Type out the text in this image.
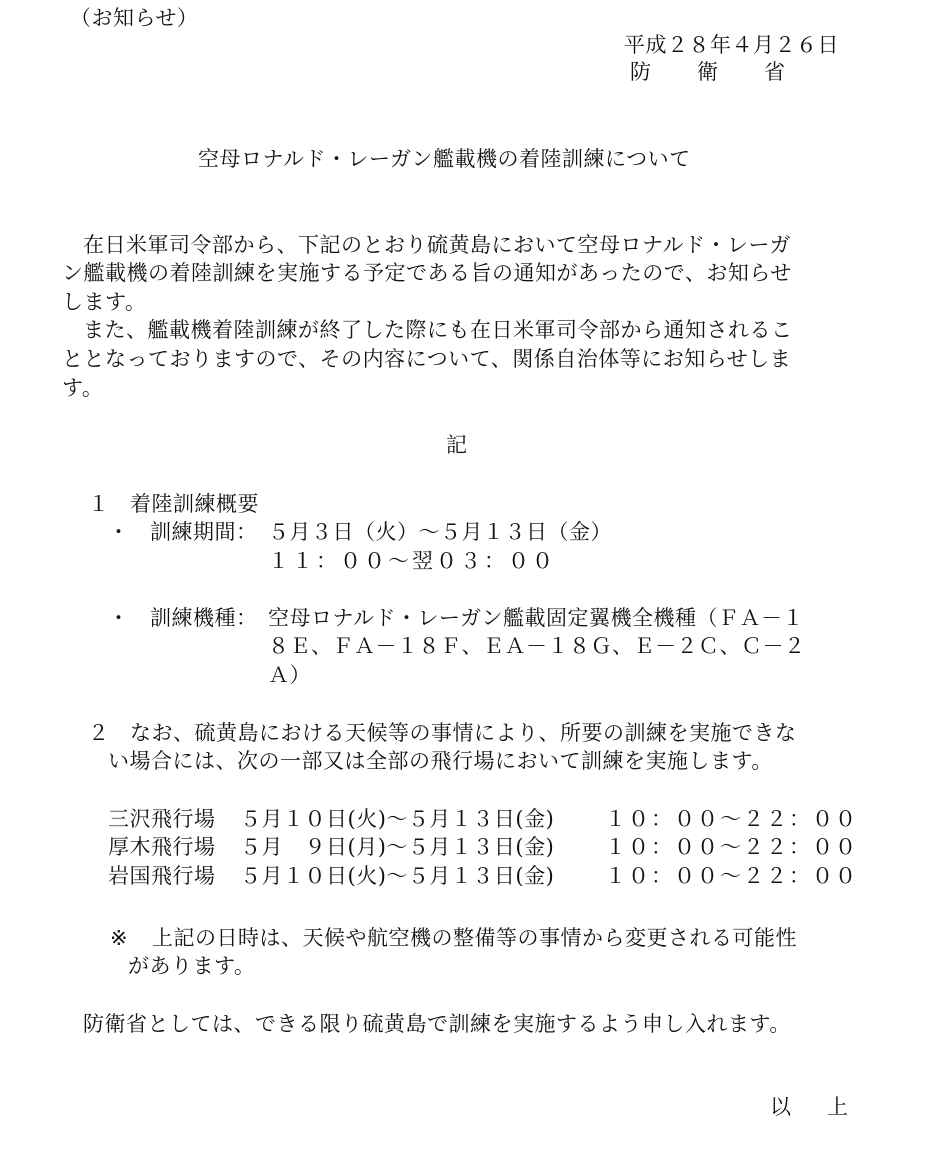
（お知らせ）
平成２８年４月２６日
防衛省
空母ロナルド・レーガン艦載機の着陸訓練について
在日米軍司令部から、下記のとおり硫黄島において空母ロナルド・レーガ
ン艦載機の着陸訓練を実施する予定である旨の通知があったので、お知らせ
します。
また、艦載機着陸訓練が終了した際にも在日米軍司令部から通知されるこ
ととなっておりますので、その内容について、関係自治体等にお知らせしま
す。
記
１ 着陸訓練概要
・ 訓練期間： ５月３日（火）～５月１３日（金）
１１：００～翌０３：００
・ 訓練機種： 空母ロナルド・レーガン艦載固定翼機全機種（ＦＡ－１
８Ｅ、ＦＡ－１８Ｆ、ＥＡ－１８Ｇ、Ｅ－２Ｃ、Ｃ－２
Ａ）
２ なお、硫黄島における天候等の事情により、所要の訓練を実施できな
い場合には、次の一部又は全部の飛行場において訓練を実施します。
三沢飛行場 ５月１０日(火)～５月１３日(金) １０：００～２２：００
厚木飛行場 ５月　９日(月)～５月１３日(金) １０：００～２２：００
岩国飛行場 ５月１０日(火)～５月１３日(金) １０：００～２２：００
※ 上記の日時は、天候や航空機の整備等の事情から変更される可能性
があります。
防衛省としては、できる限り硫黄島で訓練を実施するよう申し入れます。
以上
